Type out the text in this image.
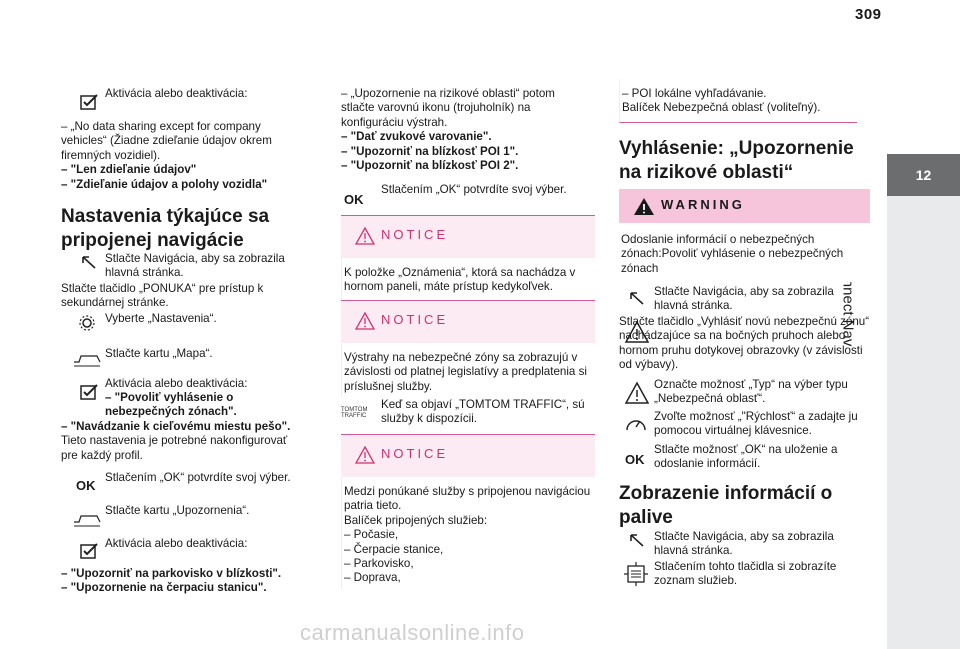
309
12
Aktivácia alebo deaktivácia:

– „No data sharing except for company vehicles“ (Žiadne zdieľanie údajov okrem firemných vozidiel).

– "Len zdieľanie údajov"

– "Zdieľanie údajov a polohy vozidla"

Nastavenia týkajúce sa pripojenej navigácie
Stlačte Navigácia, aby sa zobrazila hlavná stránka.
Stlačte tlačidlo „PONUKA“ pre prístup k sekundárnej stránke.
Vyberte „Nastavenia“.
Stlačte kartu „Mapa“.
Aktivácia alebo deaktivácia:

– "Povoliť vyhlásenie o nebezpečných zónach".

– "Navádzanie k cieľovému miestu pešo".

Tieto nastavenia je potrebné nakonfigurovať pre každý profil.

OK
Stlačením „OK“ potvrdíte svoj výber.
Stlačte kartu „Upozornenia“.
Aktivácia alebo deaktivácia:

– "Upozorniť na parkovisko v blízkosti".

– "Upozornenie na čerpaciu stanicu".

– „Upozornenie na rizikové oblasti“ potom stlačte varovnú ikonu (trojuholník) na konfiguráciu výstrah.

– "Dať zvukové varovanie".

– "Upozorniť na blízkosť POI 1".

– "Upozorniť na blízkosť POI 2".

OK
Stlačením „OK“ potvrdíte svoj výber.
NOTICE
K položke „Oznámenia“, ktorá sa nachádza v hornom paneli, máte prístup kedykoľvek.
NOTICE
Výstrahy na nebezpečné zóny sa zobrazujú v závislosti od platnej legislatívy a predplatenia si príslušnej služby.
TOMTOM TRAFFIC
Keď sa objaví „TOMTOM TRAFFIC“, sú služby k dispozícii.
NOTICE

Medzi ponúkané služby s pripojenou navigáciou patria tieto.

Balíček pripojených služieb:

– Počasie,

– Čerpacie stanice,

– Parkovisko,

– Doprava,

– POI lokálne vyhľadávanie.

Balíček Nebezpečná oblasť (voliteľný).

Vyhlásenie: „Upozornenie na rizikové oblasti“
WARNING
Odoslanie informácií o nebezpečných zónach:Povoliť vyhlásenie o nebezpečných zónach
Stlačte Navigácia, aby sa zobrazila hlavná stránka.
Stlačte tlačidlo „Vyhlásiť novú nebezpečnú zónu“ nachádzajúce sa na bočných pruhoch alebo hornom pruhu dotykovej obrazovky (v závislosti od výbavy).
Označte možnosť „Typ“ na výber typu „Nebezpečná oblasť“.
Zvoľte možnosť „"Rýchlosť“ a zadajte ju pomocou virtuálnej klávesnice.
OK
Stlačte možnosť „OK“ na uloženie a odoslanie informácií.
Zobrazenie informácií o palive
Stlačte Navigácia, aby sa zobrazila hlavná stránka.
Stlačením tohto tlačidla si zobrazíte zoznam služieb.
carmanualsonline.info
